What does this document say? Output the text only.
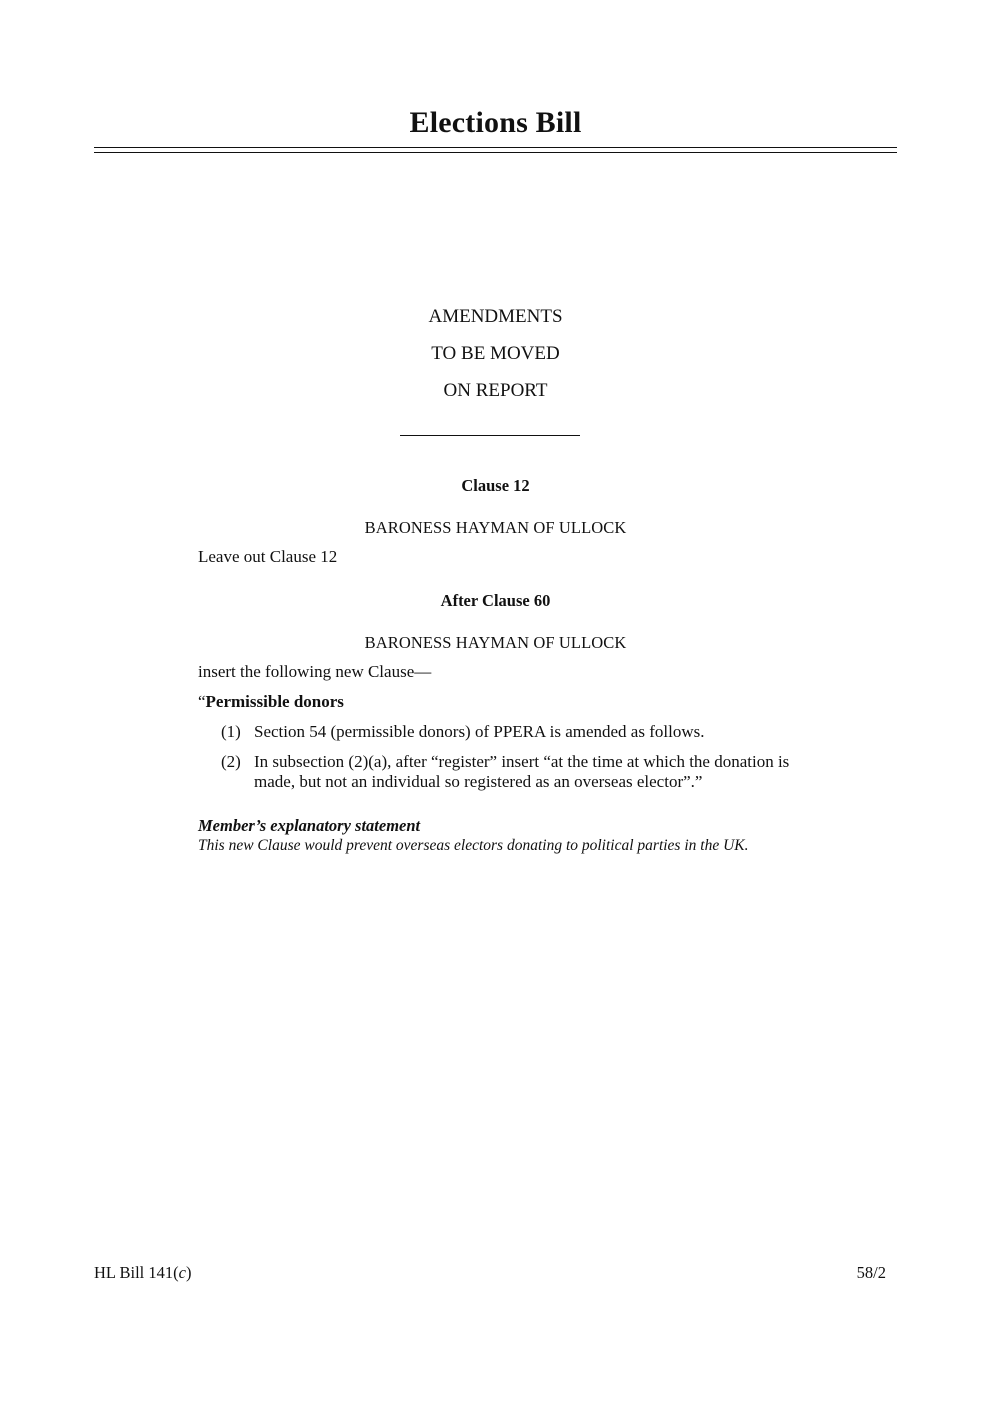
Elections Bill
AMENDMENTS
TO BE MOVED
ON REPORT
Clause 12
BARONESS HAYMAN OF ULLOCK
Leave out Clause 12
After Clause 60
BARONESS HAYMAN OF ULLOCK
insert the following new Clause—
“Permissible donors
(1) Section 54 (permissible donors) of PPERA is amended as follows.
(2) In subsection (2)(a), after “register” insert “at the time at which the donation is
made, but not an individual so registered as an overseas elector”.”
Member’s explanatory statement
This new Clause would prevent overseas electors donating to political parties in the UK.
HL Bill 141(c)	58/2
